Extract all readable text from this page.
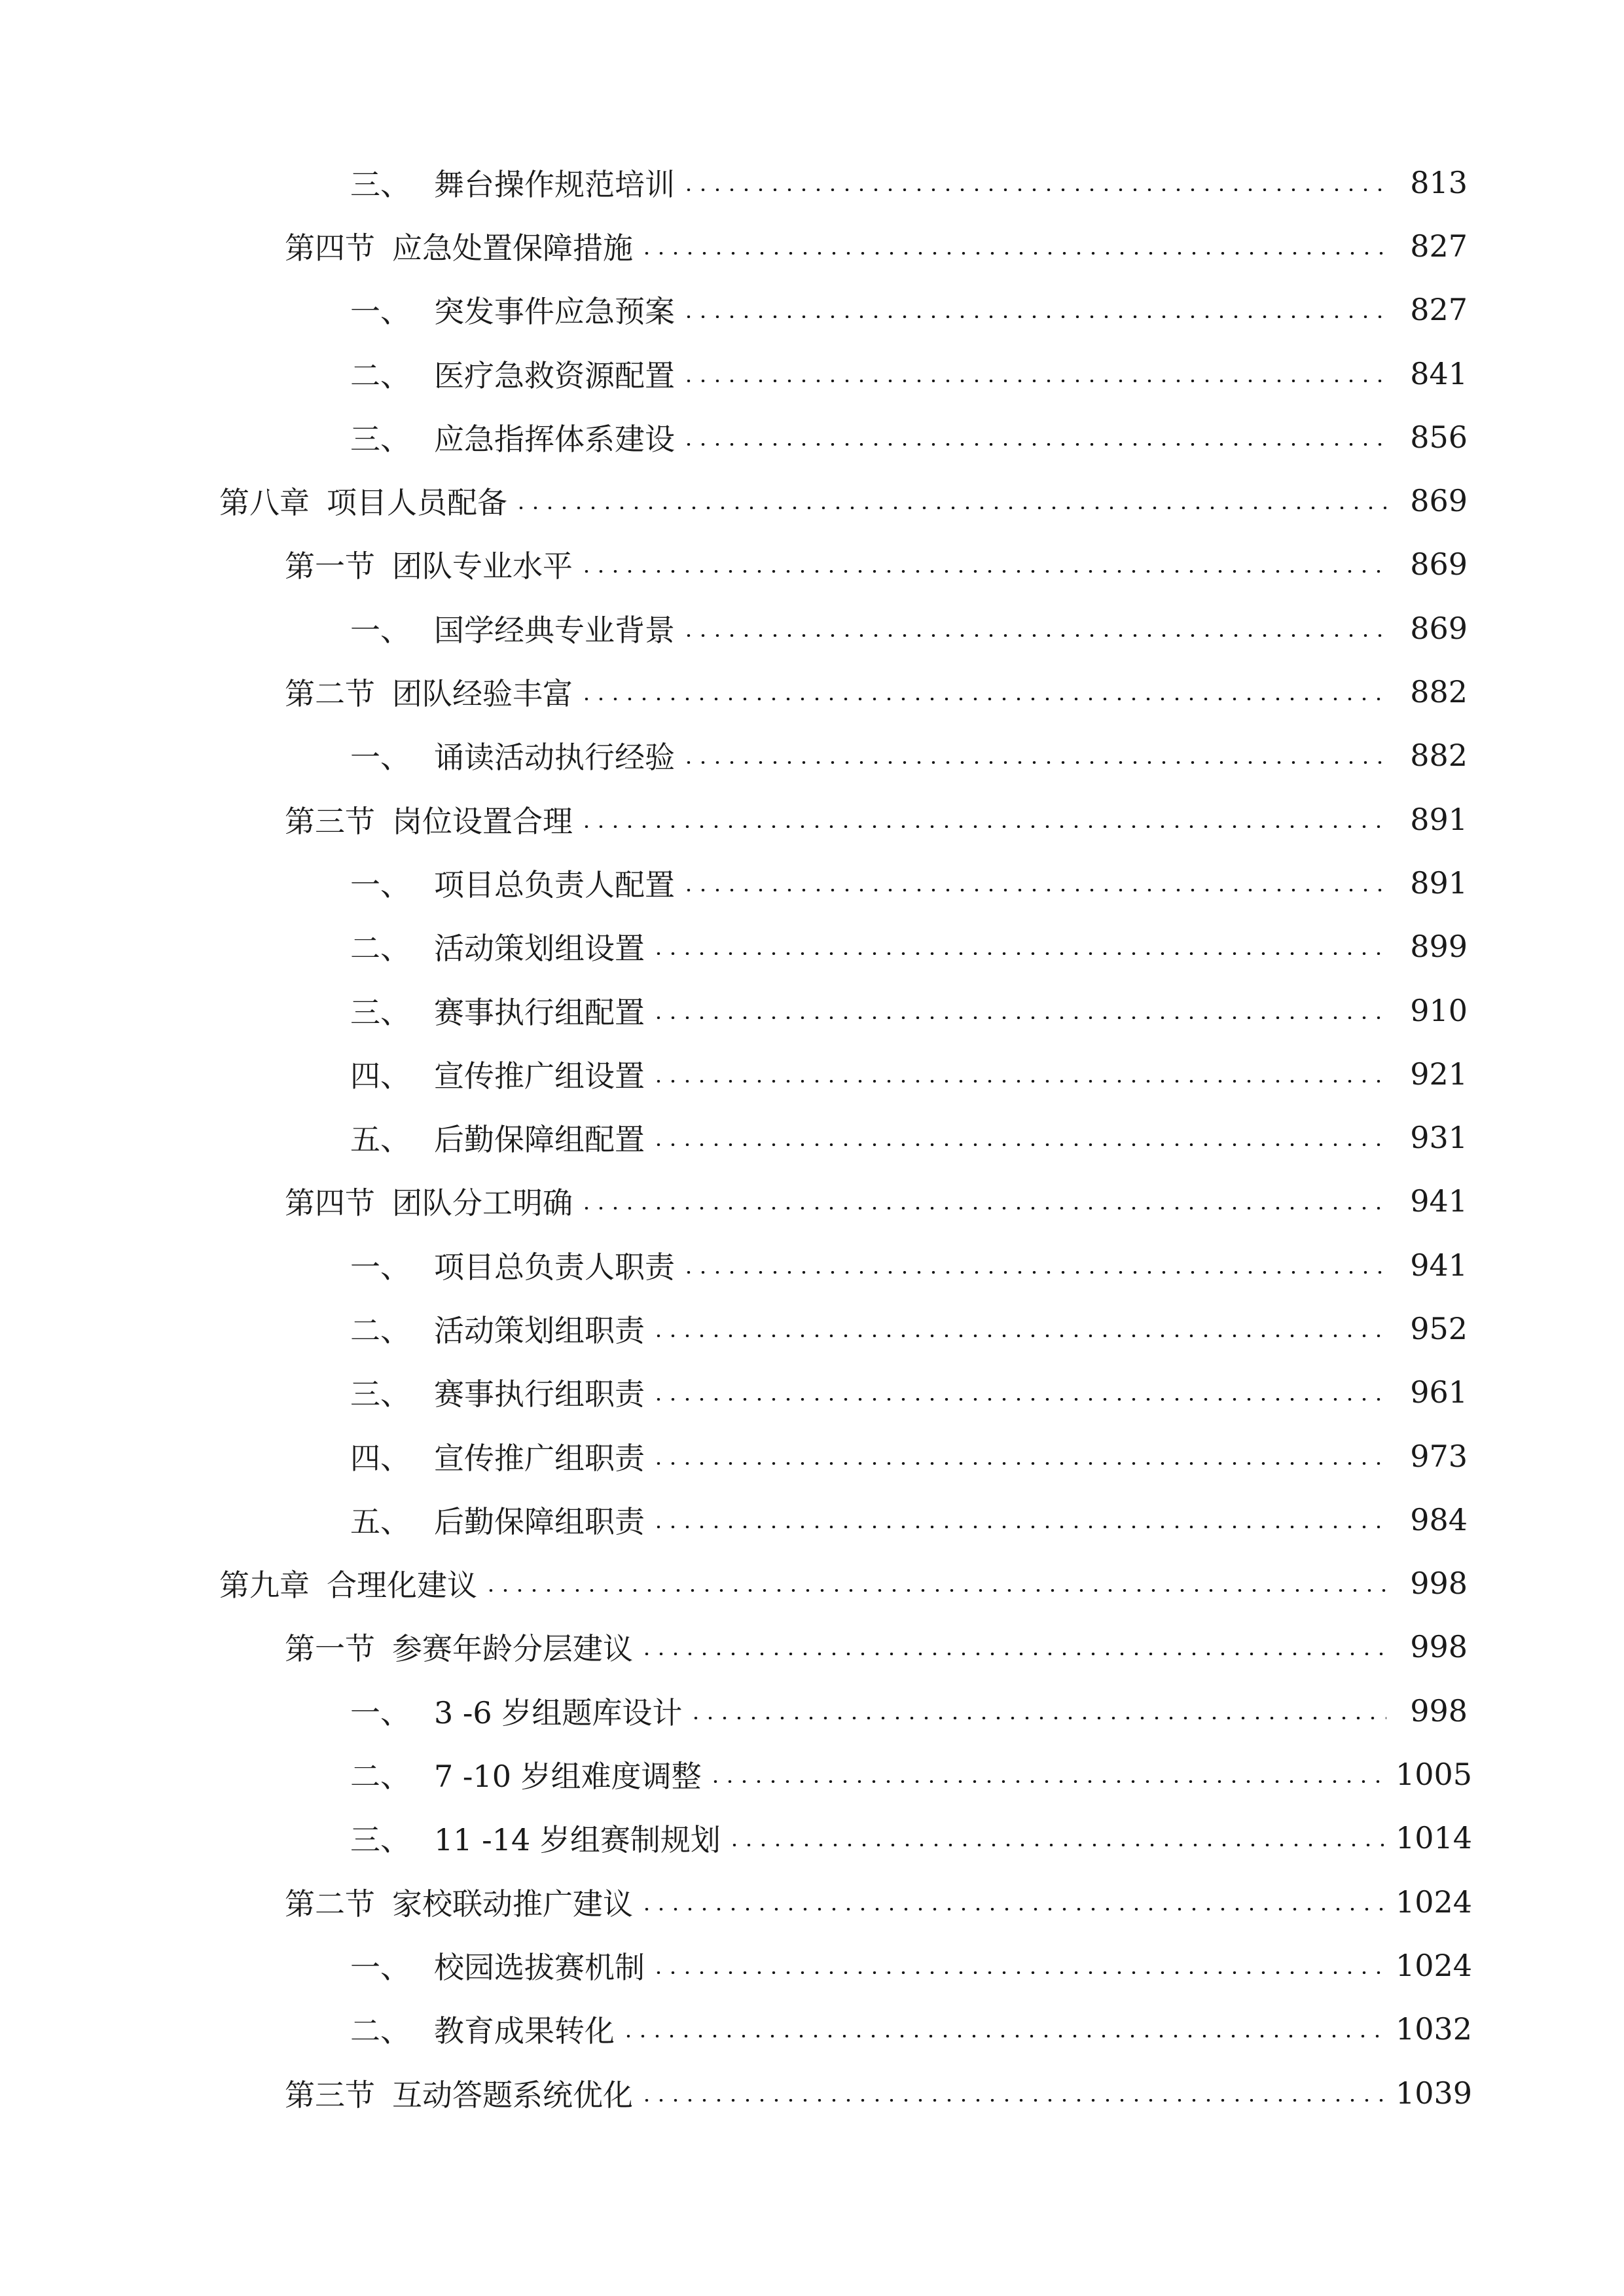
三、 舞台操作规范培训	813
第四节 应急处置保障措施	827
一、 突发事件应急预案	827
二、 医疗急救资源配置	841
三、 应急指挥体系建设	856
第八章 项目人员配备	869
第一节 团队专业水平	869
一、 国学经典专业背景	869
第二节 团队经验丰富	882
一、 诵读活动执行经验	882
第三节 岗位设置合理	891
一、 项目总负责人配置	891
二、 活动策划组设置	899
三、 赛事执行组配置	910
四、 宣传推广组设置	921
五、 后勤保障组配置	931
第四节 团队分工明确	941
一、 项目总负责人职责	941
二、 活动策划组职责	952
三、 赛事执行组职责	961
四、 宣传推广组职责	973
五、 后勤保障组职责	984
第九章 合理化建议	998
第一节 参赛年龄分层建议	998
一、 3 -6 岁组题库设计	998
二、 7 -10 岁组难度调整	1005
三、 11 -14 岁组赛制规划	1014
第二节 家校联动推广建议	1024
一、 校园选拔赛机制	1024
二、 教育成果转化	1032
第三节 互动答题系统优化	1039
